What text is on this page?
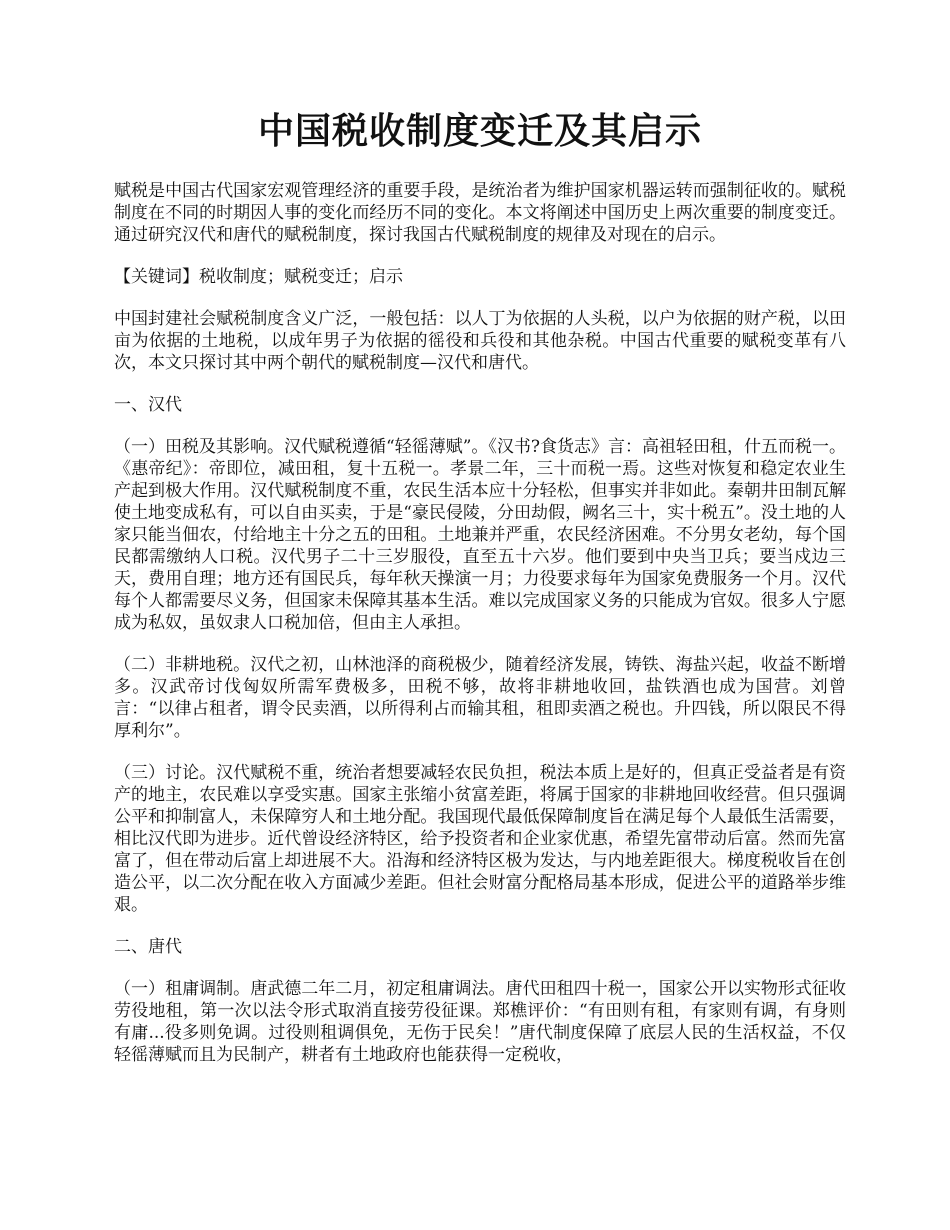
中国税收制度变迁及其启示

赋税是中国古代国家宏观管理经济的重要手段，是统治者为维护国家机器运转而强制征收的。赋税制度在不同的时期因人事的变化而经历不同的变化。本文将阐述中国历史上两次重要的制度变迁。通过研究汉代和唐代的赋税制度，探讨我国古代赋税制度的规律及对现在的启示。

【关键词】税收制度；赋税变迁；启示

中国封建社会赋税制度含义广泛，一般包括：以人丁为依据的人头税，以户为依据的财产税，以田亩为依据的土地税，以成年男子为依据的徭役和兵役和其他杂税。中国古代重要的赋税变革有八次，本文只探讨其中两个朝代的赋税制度—汉代和唐代。

一、汉代

（一）田税及其影响。汉代赋税遵循“轻徭薄赋”。《汉书?食货志》言：高祖轻田租，什五而税一。《惠帝纪》：帝即位，减田租，复十五税一。孝景二年，三十而税一焉。这些对恢复和稳定农业生产起到极大作用。汉代赋税制度不重，农民生活本应十分轻松，但事实并非如此。秦朝井田制瓦解使土地变成私有，可以自由买卖，于是“豪民侵陵，分田劫假，阙名三十，实十税五”。没土地的人家只能当佃农，付给地主十分之五的田租。土地兼并严重，农民经济困难。不分男女老幼，每个国民都需缴纳人口税。汉代男子二十三岁服役，直至五十六岁。他们要到中央当卫兵；要当戍边三天，费用自理；地方还有国民兵，每年秋天操演一月；力役要求每年为国家免费服务一个月。汉代每个人都需要尽义务，但国家未保障其基本生活。难以完成国家义务的只能成为官奴。很多人宁愿成为私奴，虽奴隶人口税加倍，但由主人承担。

（二）非耕地税。汉代之初，山林池泽的商税极少，随着经济发展，铸铁、海盐兴起，收益不断增多。汉武帝讨伐匈奴所需军费极多，田税不够，故将非耕地收回，盐铁酒也成为国营。刘曾言：“以律占租者，谓令民卖酒，以所得利占而输其租，租即卖酒之税也。升四钱，所以限民不得厚利尔”。

（三）讨论。汉代赋税不重，统治者想要减轻农民负担，税法本质上是好的，但真正受益者是有资产的地主，农民难以享受实惠。国家主张缩小贫富差距，将属于国家的非耕地回收经营。但只强调公平和抑制富人，未保障穷人和土地分配。我国现代最低保障制度旨在满足每个人最低生活需要，相比汉代即为进步。近代曾设经济特区，给予投资者和企业家优惠，希望先富带动后富。然而先富富了，但在带动后富上却进展不大。沿海和经济特区极为发达，与内地差距很大。梯度税收旨在创造公平，以二次分配在收入方面减少差距。但社会财富分配格局基本形成，促进公平的道路举步维艰。

二、唐代

（一）租庸调制。唐武德二年二月，初定租庸调法。唐代田租四十税一，国家公开以实物形式征收劳役地租，第一次以法令形式取消直接劳役征课。郑樵评价：“有田则有租，有家则有调，有身则有庸...役多则免调。过役则租调俱免，无伤于民矣！”唐代制度保障了底层人民的生活权益，不仅轻徭薄赋而且为民制产，耕者有土地政府也能获得一定税收，
